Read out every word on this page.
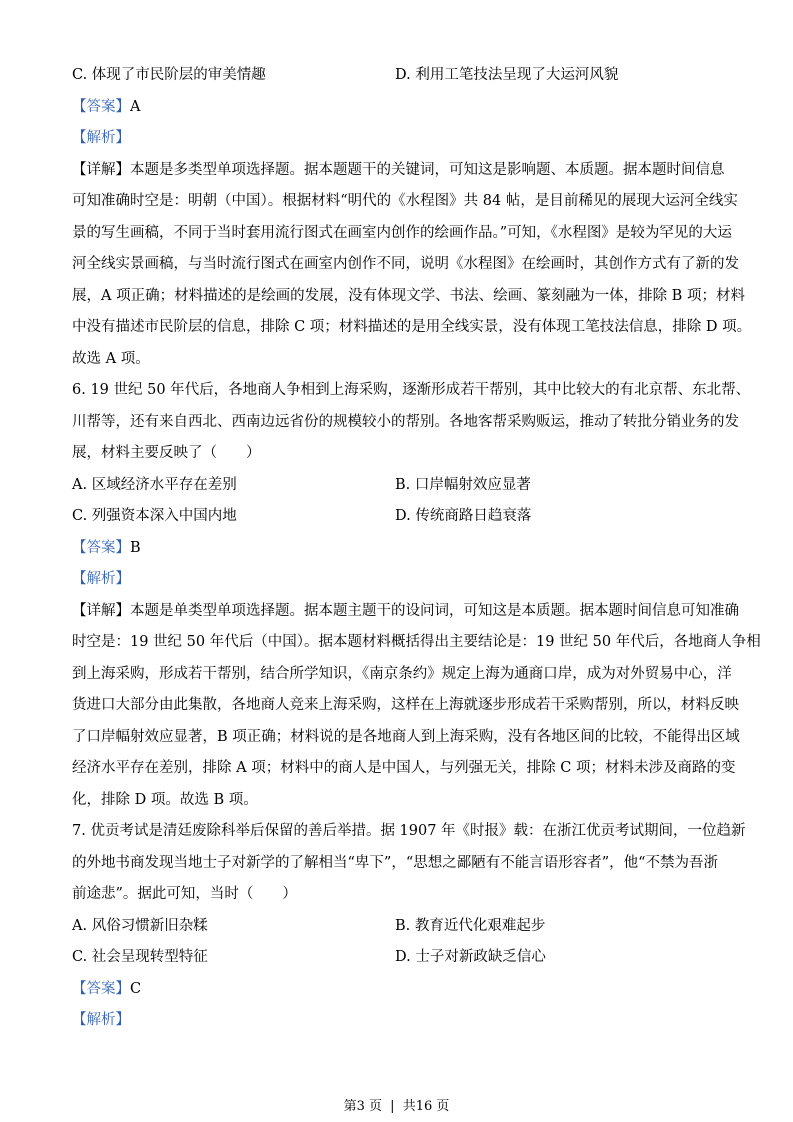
C. 体现了市民阶层的审美情趣	D. 利用工笔技法呈现了大运河风貌
【答案】A
【解析】
【详解】本题是多类型单项选择题。据本题题干的关键词，可知这是影响题、本质题。据本题时间信息
可知准确时空是：明朝（中国）。根据材料“明代的《水程图》共 84 帖，是目前稀见的展现大运河全线实
景的写生画稿，不同于当时套用流行图式在画室内创作的绘画作品。”可知，《水程图》是较为罕见的大运
河全线实景画稿，与当时流行图式在画室内创作不同，说明《水程图》在绘画时，其创作方式有了新的发
展，A 项正确；材料描述的是绘画的发展，没有体现文学、书法、绘画、篆刻融为一体，排除 B 项；材料
中没有描述市民阶层的信息，排除 C 项；材料描述的是用全线实景，没有体现工笔技法信息，排除 D 项。
故选 A 项。
6. 19 世纪 50 年代后，各地商人争相到上海采购，逐渐形成若干帮别，其中比较大的有北京帮、东北帮、
川帮等，还有来自西北、西南边远省份的规模较小的帮别。各地客帮采购贩运，推动了转批分销业务的发
展，材料主要反映了（　　）
A. 区域经济水平存在差别	B. 口岸幅射效应显著
C. 列强资本深入中国内地	D. 传统商路日趋衰落
【答案】B
【解析】
【详解】本题是单类型单项选择题。据本题主题干的设问词，可知这是本质题。据本题时间信息可知准确
时空是：19 世纪 50 年代后（中国）。据本题材料概括得出主要结论是：19 世纪 50 年代后，各地商人争相
到上海采购，形成若干帮别，结合所学知识，《南京条约》规定上海为通商口岸，成为对外贸易中心，洋
货进口大部分由此集散，各地商人竞来上海采购，这样在上海就逐步形成若干采购帮别，所以，材料反映
了口岸幅射效应显著，B 项正确；材料说的是各地商人到上海采购，没有各地区间的比较，不能得出区域
经济水平存在差别，排除 A 项；材料中的商人是中国人，与列强无关，排除 C 项；材料未涉及商路的变
化，排除 D 项。故选 B 项。
7. 优贡考试是清廷废除科举后保留的善后举措。据 1907 年《时报》载：在浙江优贡考试期间，一位趋新
的外地书商发现当地士子对新学的了解相当“卑下”，“思想之鄙陋有不能言语形容者”，他“不禁为吾浙
前途悲”。据此可知，当时（　　）
A. 风俗习惯新旧杂糅	B. 教育近代化艰难起步
C. 社会呈现转型特征	D. 士子对新政缺乏信心
【答案】C
【解析】
第3 页 | 共16 页
